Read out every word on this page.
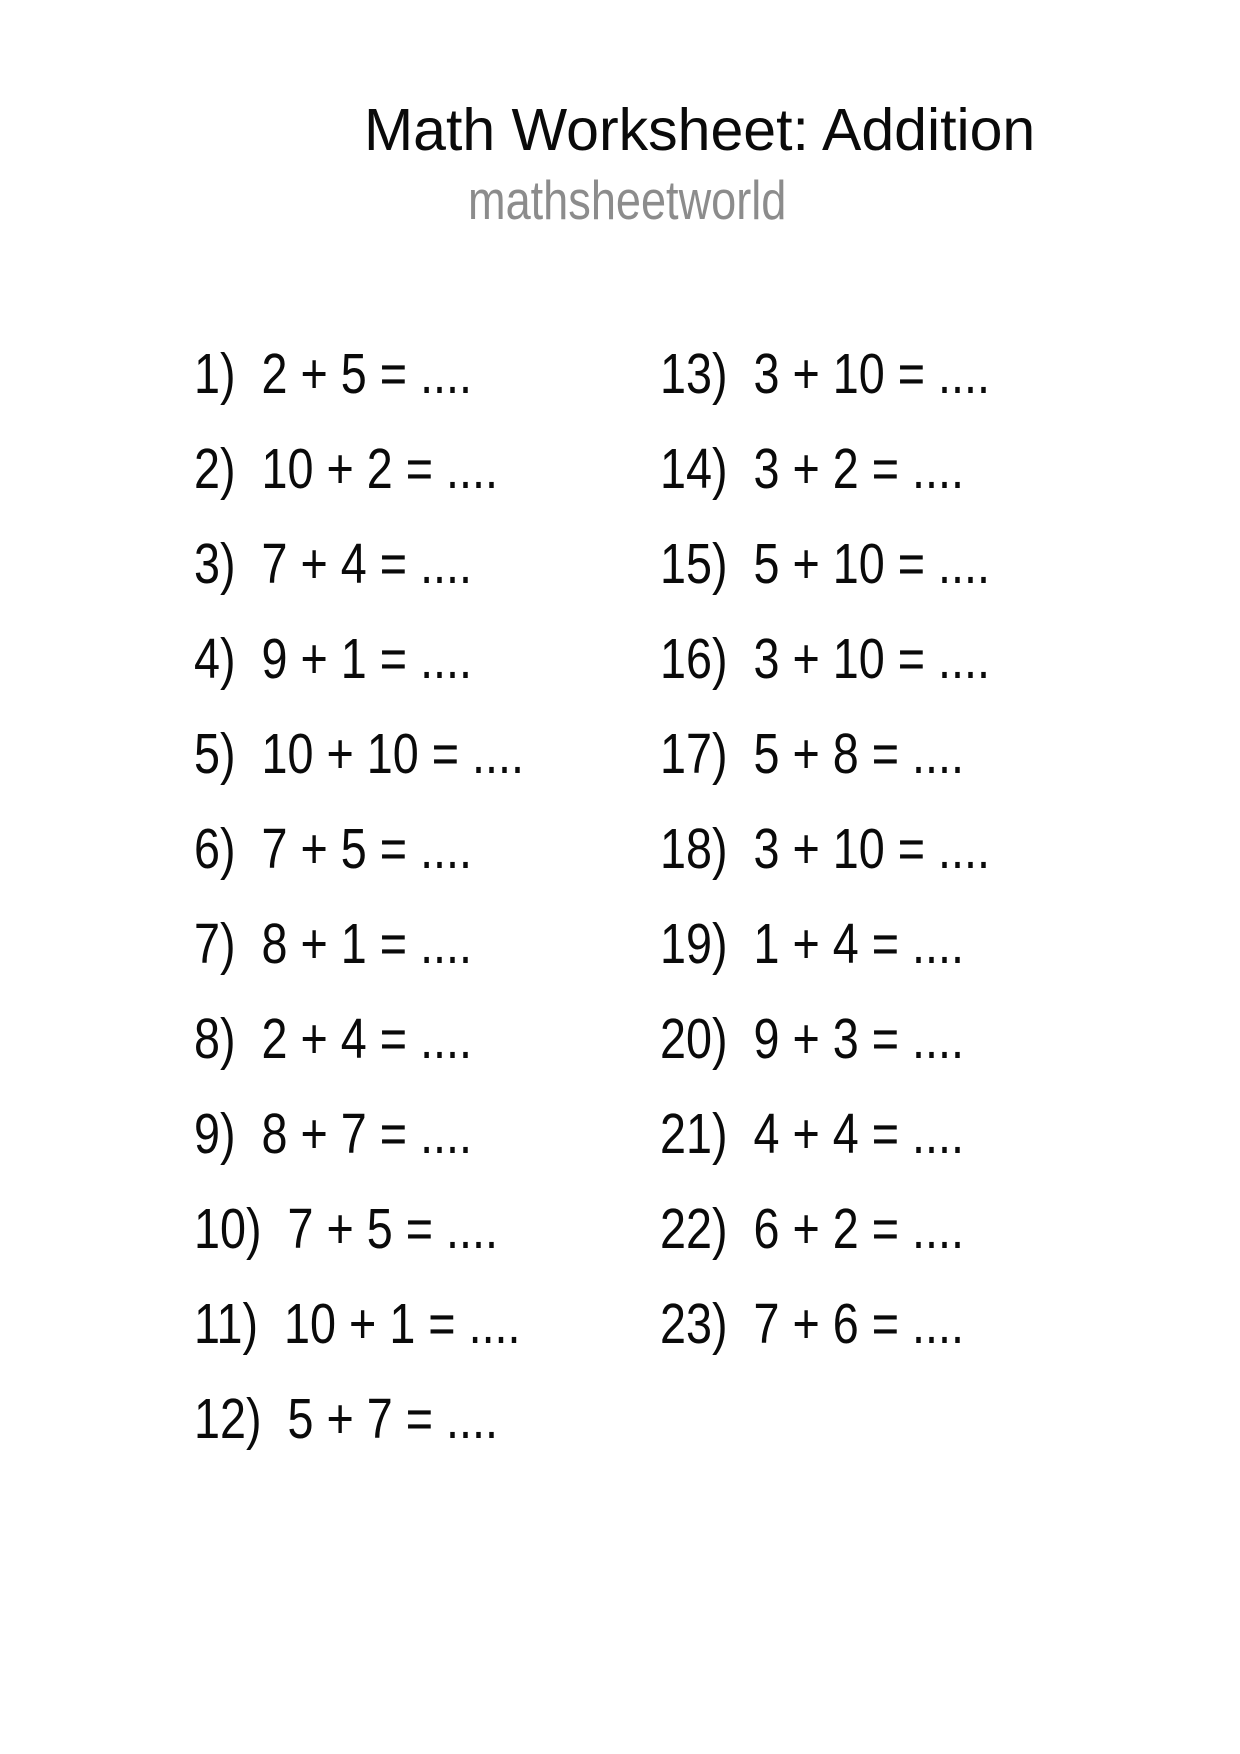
Math Worksheet: Addition
mathsheetworld
1)  2 + 5 = ....
2)  10 + 2 = ....
3)  7 + 4 = ....
4)  9 + 1 = ....
5)  10 + 10 = ....
6)  7 + 5 = ....
7)  8 + 1 = ....
8)  2 + 4 = ....
9)  8 + 7 = ....
10)  7 + 5 = ....
11)  10 + 1 = ....
12)  5 + 7 = ....
13)  3 + 10 = ....
14)  3 + 2 = ....
15)  5 + 10 = ....
16)  3 + 10 = ....
17)  5 + 8 = ....
18)  3 + 10 = ....
19)  1 + 4 = ....
20)  9 + 3 = ....
21)  4 + 4 = ....
22)  6 + 2 = ....
23)  7 + 6 = ....
